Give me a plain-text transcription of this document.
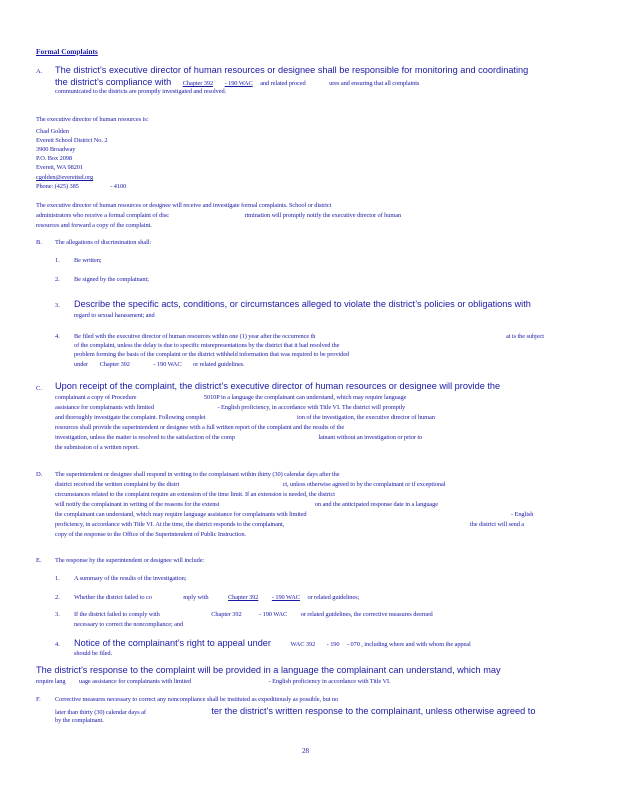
Formal Complaints
A. The district’s executive director of human resources or designee shall be responsible for monitoring and coordinating
the district’s compliance with Chapter 392 - 190 WAC and related proced	ures and ensuring that all complaints
communicated to the districts are promptly investigated and resolved.
The executive director of human resources is:
Chad Golden
Everett School District No. 2
3900 Broadway
P.O. Box 2098
Everett, WA 98201
cgolden@everettsd.org
Phone: (425) 385	- 4100
The executive director of human resources or designee will receive and investigate formal complaints. School or district
administrators who receive a formal complaint of disc	rimination will promptly notify the executive director of human
resources and forward a copy of the complaint.
B. The allegations of discrimination shall:
1. Be written;
2. Be signed by the complainant;
3. Describe the specific acts, conditions, or circumstances alleged to violate the district’s policies or obligations with
regard to sexual harassment; and
4. Be filed with the executive director of human resources within one (1) year after the occurrence th	at is the subject
of the complaint, unless the delay is due to specific misrepresentations by the district that it had resolved the
problem forming the basis of the complaint or the district withheld information that was required to be provided
under Chapter 392	- 190 WAC or related guidelines.
C. Upon receipt of the complaint, the district’s executive director of human resources or designee will provide the
complainant a copy of Procedure	5010P in a language the complainant can understand, which may require language
assistance for complainants with limited	- English proficiency, in accordance with Title VI. The district will promptly
and thoroughly investigate the complaint. Following complet	ion of the investigation, the executive director of human
resources shall provide the superintendent or designee with a full written report of the complaint and the results of the
investigation, unless the matter is resolved to the satisfaction of the comp	lainant without an investigation or prior to
the submission of a written report.
D. The superintendent or designee shall respond in writing to the complainant within thirty (30) calendar days after the
district received the written complaint by the distri	ct, unless otherwise agreed to by the complainant or if exceptional
circumstances related to the complaint require an extension of the time limit. If an extension is needed, the district
will notify the complainant in writing of the reasons for the extensi	on and the anticipated response date in a language
the complainant can understand, which may require language assistance for complainants with limited	- English
proficiency, in accordance with Title VI. At the time, the district responds to the complainant,	the district will send a
copy of the response to the Office of the Superintendent of Public Instruction.
E. The response by the superintendent or designee will include:
1. A summary of the results of the investigation;
2. Whether the district failed to co	mply with	Chapter 392 - 190 WAC or related guidelines;
3. If the district failed to comply with	Chapter 392	- 190 WAC or related guidelines, the corrective measures deemed
necessary to correct the noncompliance; and
4. Notice of the complainant’s right to appeal under	WAC 392 - 190 - 070 , including where and with whom the appeal
should be filed.
The district’s response to the complaint will be provided in a language the complainant can understand, which may
require lang uage assistance for complainants with limited	- English proficiency in accordance with Title VI.
F. Corrective measures necessary to correct any noncompliance shall be instituted as expeditiously as possible, but no
later than thirty (30) calendar days af	ter the district’s written response to the complainant, unless otherwise agreed to
by the complainant.
28
